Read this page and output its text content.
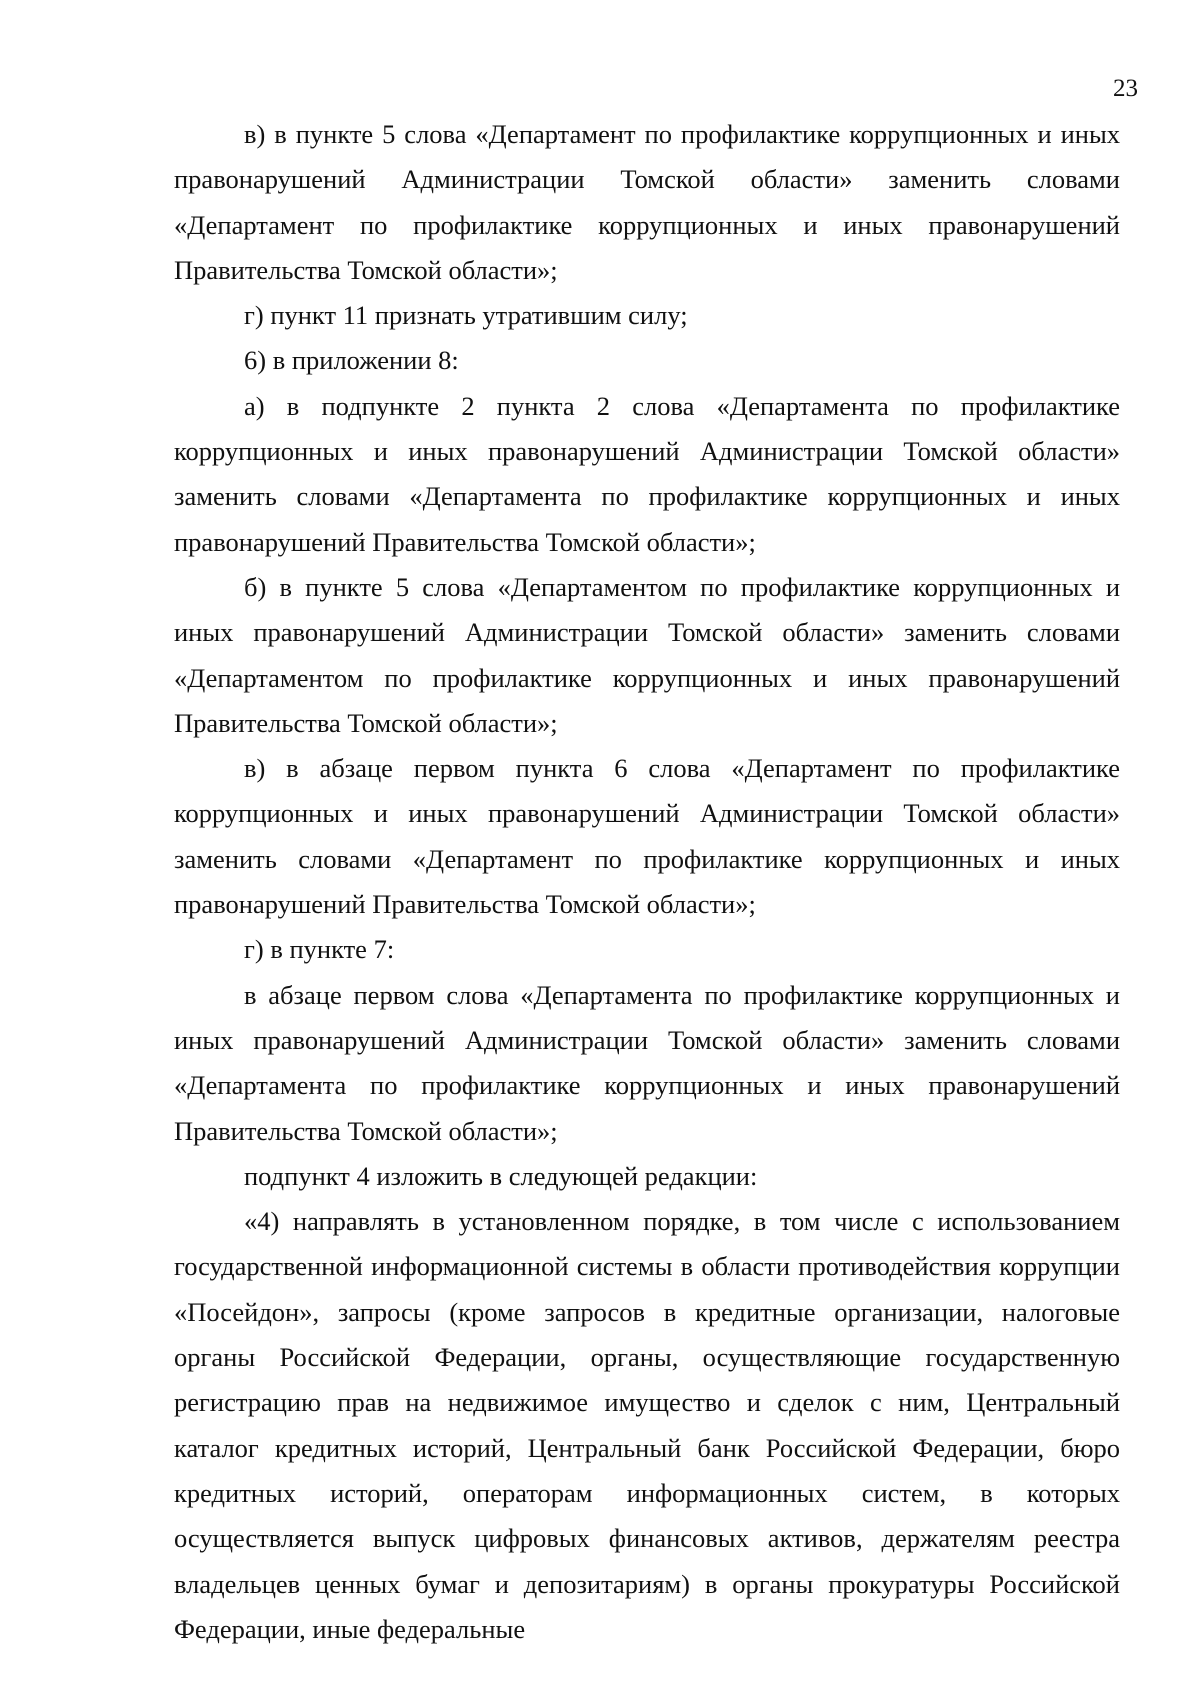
23

в) в пункте 5 слова «Департамент по профилактике коррупционных и иных правонарушений Администрации Томской области» заменить словами «Департамент по профилактике коррупционных и иных правонарушений Правительства Томской области»;

г) пункт 11 признать утратившим силу;

6) в приложении 8:

а) в подпункте 2 пункта 2 слова «Департамента по профилактике коррупционных и иных правонарушений Администрации Томской области» заменить словами «Департамента по профилактике коррупционных и иных правонарушений Правительства Томской области»;

б) в пункте 5 слова «Департаментом по профилактике коррупционных и иных правонарушений Администрации Томской области» заменить словами «Департаментом по профилактике коррупционных и иных правонарушений Правительства Томской области»;

в) в абзаце первом пункта 6 слова «Департамент по профилактике коррупционных и иных правонарушений Администрации Томской области» заменить словами «Департамент по профилактике коррупционных и иных правонарушений Правительства Томской области»;

г) в пункте 7:

в абзаце первом слова «Департамента по профилактике коррупционных и иных правонарушений Администрации Томской области» заменить словами «Департамента по профилактике коррупционных и иных правонарушений Правительства Томской области»;

подпункт 4 изложить в следующей редакции:

«4) направлять в установленном порядке, в том числе с использованием государственной информационной системы в области противодействия коррупции «Посейдон», запросы (кроме запросов в кредитные организации, налоговые органы Российской Федерации, органы, осуществляющие государственную регистрацию прав на недвижимое имущество и сделок с ним, Центральный каталог кредитных историй, Центральный банк Российской Федерации, бюро кредитных историй, операторам информационных систем, в которых осуществляется выпуск цифровых финансовых активов, держателям реестра владельцев ценных бумаг и депозитариям) в органы прокуратуры Российской Федерации, иные федеральные
